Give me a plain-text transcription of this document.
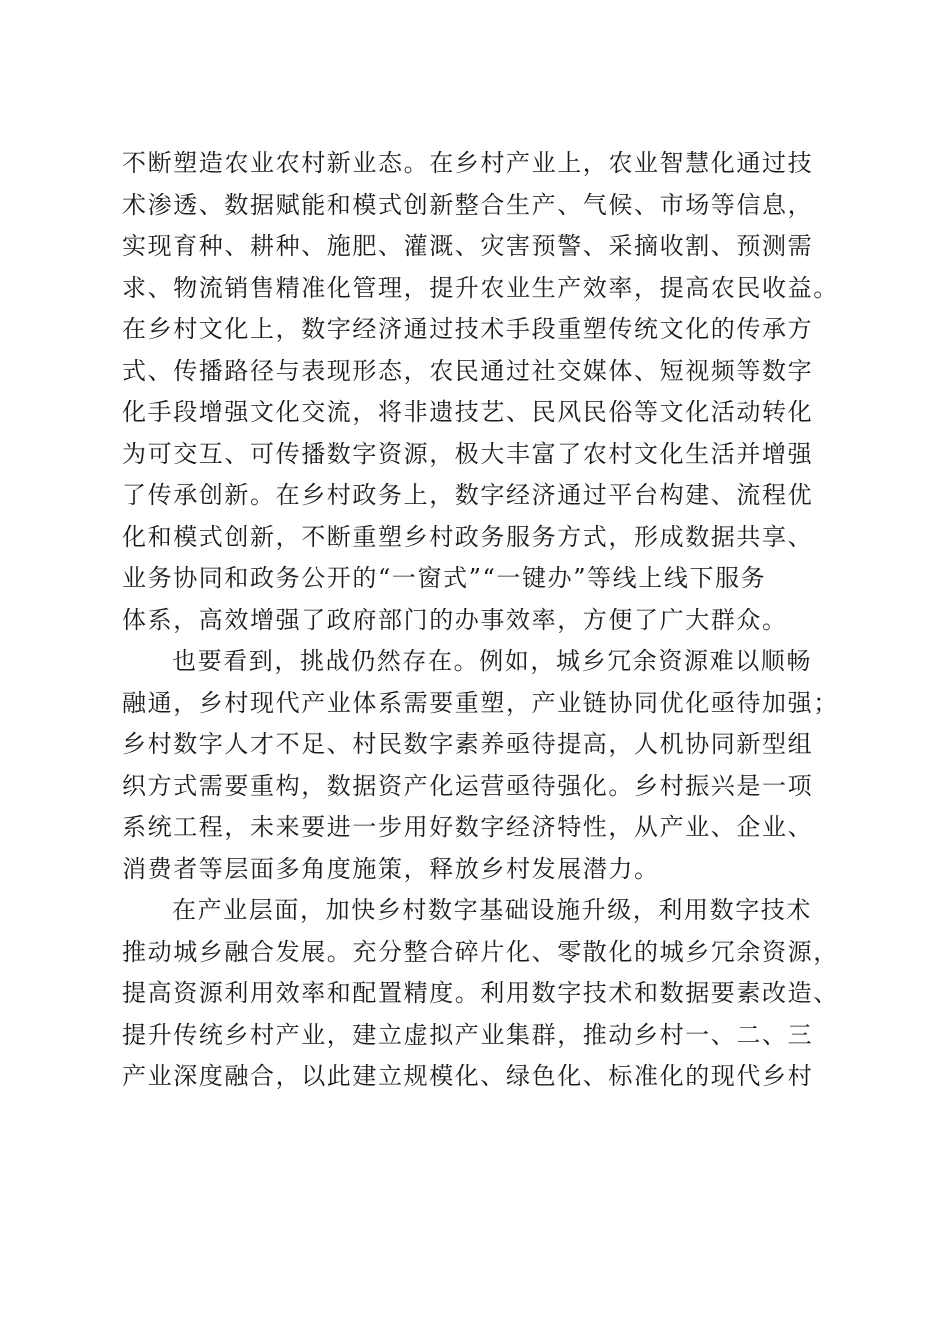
不断塑造农业农村新业态。在乡村产业上，农业智慧化通过技
术渗透、数据赋能和模式创新整合生产、气候、市场等信息，
实现育种、耕种、施肥、灌溉、灾害预警、采摘收割、预测需
求、物流销售精准化管理，提升农业生产效率，提高农民收益。
在乡村文化上，数字经济通过技术手段重塑传统文化的传承方
式、传播路径与表现形态，农民通过社交媒体、短视频等数字
化手段增强文化交流，将非遗技艺、民风民俗等文化活动转化
为可交互、可传播数字资源，极大丰富了农村文化生活并增强
了传承创新。在乡村政务上，数字经济通过平台构建、流程优
化和模式创新，不断重塑乡村政务服务方式，形成数据共享、
业务协同和政务公开的“一窗式”“一键办”等线上线下服务
体系，高效增强了政府部门的办事效率，方便了广大群众。
也要看到，挑战仍然存在。例如，城乡冗余资源难以顺畅
融通，乡村现代产业体系需要重塑，产业链协同优化亟待加强；
乡村数字人才不足、村民数字素养亟待提高，人机协同新型组
织方式需要重构，数据资产化运营亟待强化。乡村振兴是一项
系统工程，未来要进一步用好数字经济特性，从产业、企业、
消费者等层面多角度施策，释放乡村发展潜力。
在产业层面，加快乡村数字基础设施升级，利用数字技术
推动城乡融合发展。充分整合碎片化、零散化的城乡冗余资源，
提高资源利用效率和配置精度。利用数字技术和数据要素改造、
提升传统乡村产业，建立虚拟产业集群，推动乡村一、二、三
产业深度融合，以此建立规模化、绿色化、标准化的现代乡村
